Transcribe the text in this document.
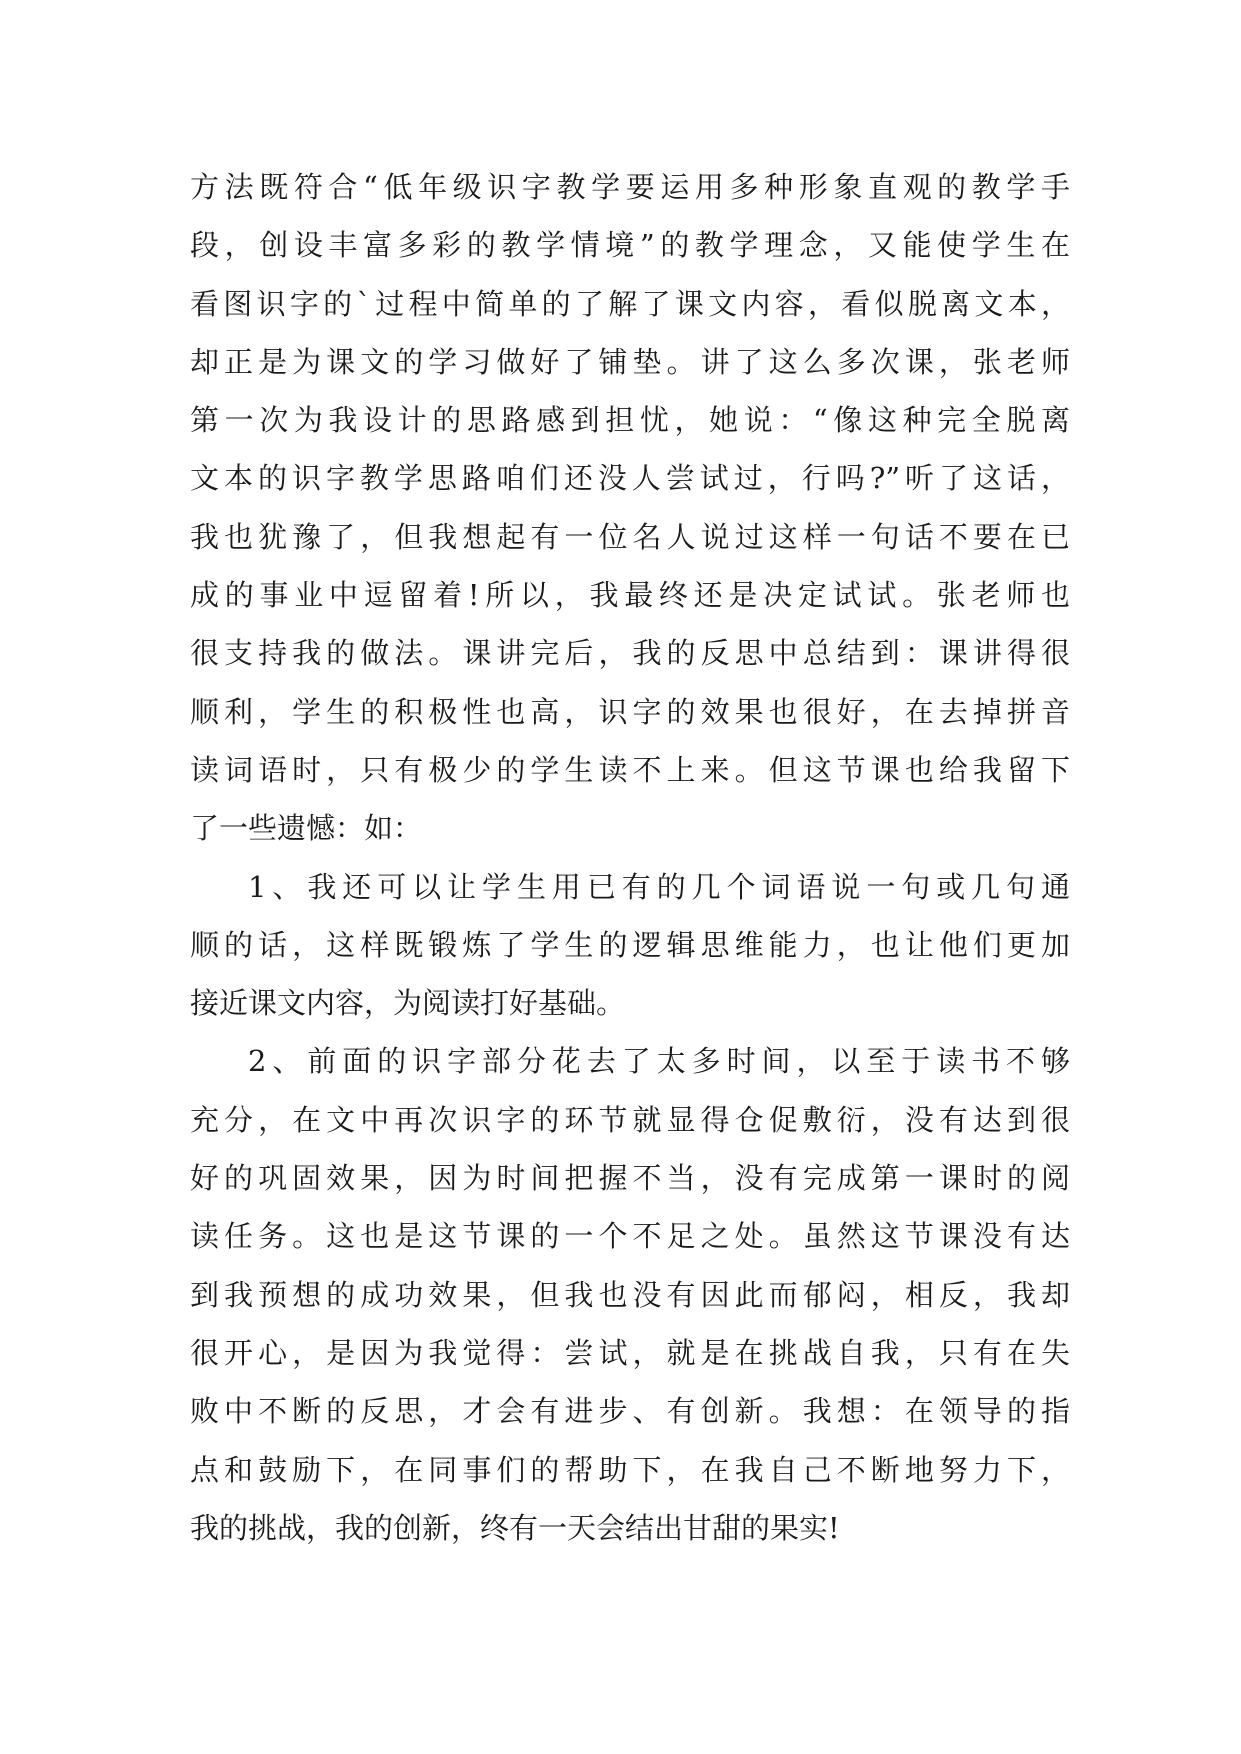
方法既符合“低年级识字教学要运用多种形象直观的教学手
段，创设丰富多彩的教学情境”的教学理念，又能使学生在
看图识字的`过程中简单的了解了课文内容，看似脱离文本，
却正是为课文的学习做好了铺垫。讲了这么多次课，张老师
第一次为我设计的思路感到担忧，她说：“像这种完全脱离
文本的识字教学思路咱们还没人尝试过，行吗?”听了这话，
我也犹豫了，但我想起有一位名人说过这样一句话不要在已
成的事业中逗留着!所以，我最终还是决定试试。张老师也
很支持我的做法。课讲完后，我的反思中总结到：课讲得很
顺利，学生的积极性也高，识字的效果也很好，在去掉拼音
读词语时，只有极少的学生读不上来。但这节课也给我留下
了一些遗憾：如：
1、我还可以让学生用已有的几个词语说一句或几句通
顺的话，这样既锻炼了学生的逻辑思维能力，也让他们更加
接近课文内容，为阅读打好基础。
2、前面的识字部分花去了太多时间，以至于读书不够
充分，在文中再次识字的环节就显得仓促敷衍，没有达到很
好的巩固效果，因为时间把握不当，没有完成第一课时的阅
读任务。这也是这节课的一个不足之处。虽然这节课没有达
到我预想的成功效果，但我也没有因此而郁闷，相反，我却
很开心，是因为我觉得：尝试，就是在挑战自我，只有在失
败中不断的反思，才会有进步、有创新。我想：在领导的指
点和鼓励下，在同事们的帮助下，在我自己不断地努力下，
我的挑战，我的创新，终有一天会结出甘甜的果实!
